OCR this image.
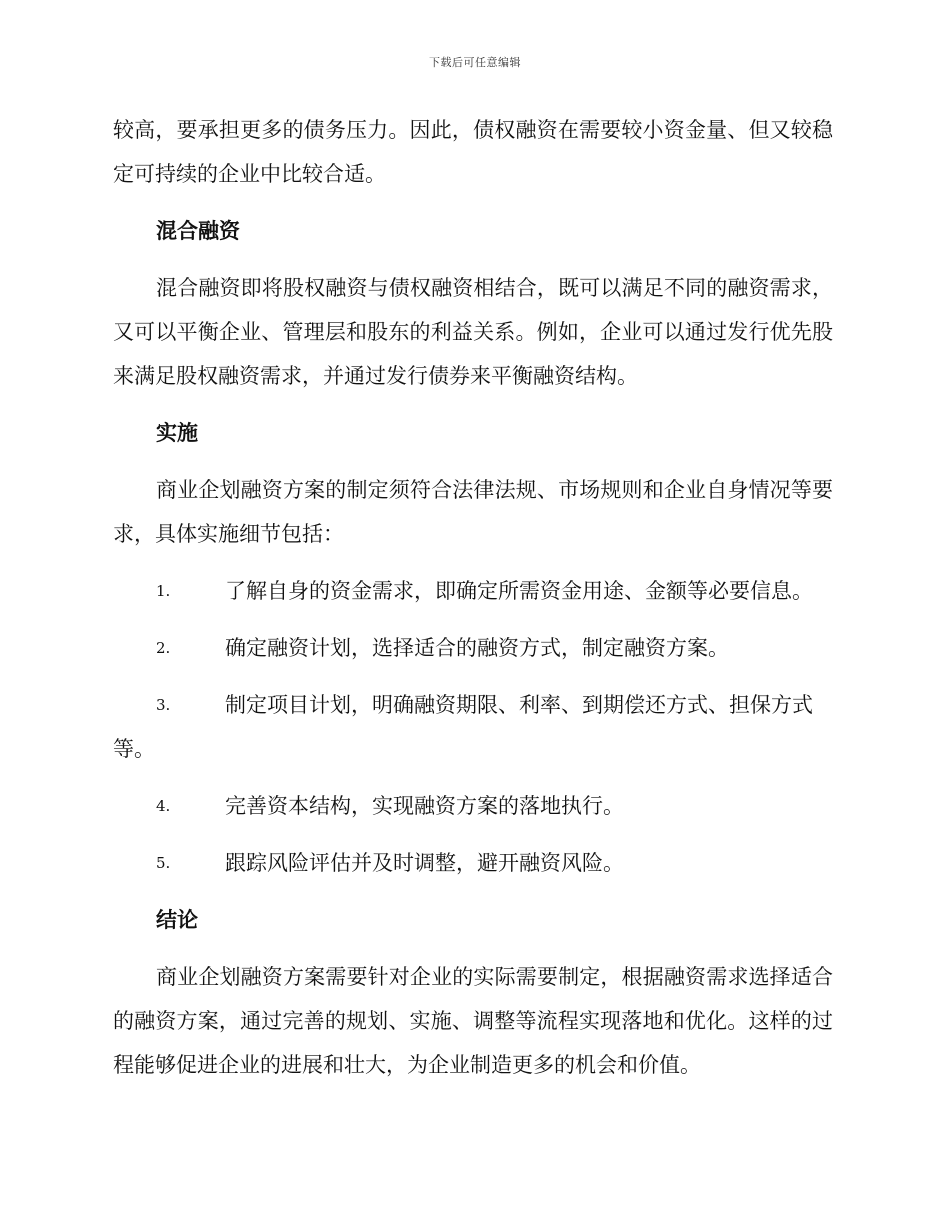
下载后可任意编辑

较高，要承担更多的债务压力。因此，债权融资在需要较小资金量、但又较稳定可持续的企业中比较合适。

混合融资

混合融资即将股权融资与债权融资相结合，既可以满足不同的融资需求，又可以平衡企业、管理层和股东的利益关系。例如，企业可以通过发行优先股来满足股权融资需求，并通过发行债券来平衡融资结构。

实施

商业企划融资方案的制定须符合法律法规、市场规则和企业自身情况等要求，具体实施细节包括：

1.	了解自身的资金需求，即确定所需资金用途、金额等必要信息。
2.	确定融资计划，选择适合的融资方式，制定融资方案。
3.	制定项目计划，明确融资期限、利率、到期偿还方式、担保方式等。
4.	完善资本结构，实现融资方案的落地执行。
5.	跟踪风险评估并及时调整，避开融资风险。
结论

商业企划融资方案需要针对企业的实际需要制定，根据融资需求选择适合的融资方案，通过完善的规划、实施、调整等流程实现落地和优化。这样的过程能够促进企业的进展和壮大，为企业制造更多的机会和价值。
